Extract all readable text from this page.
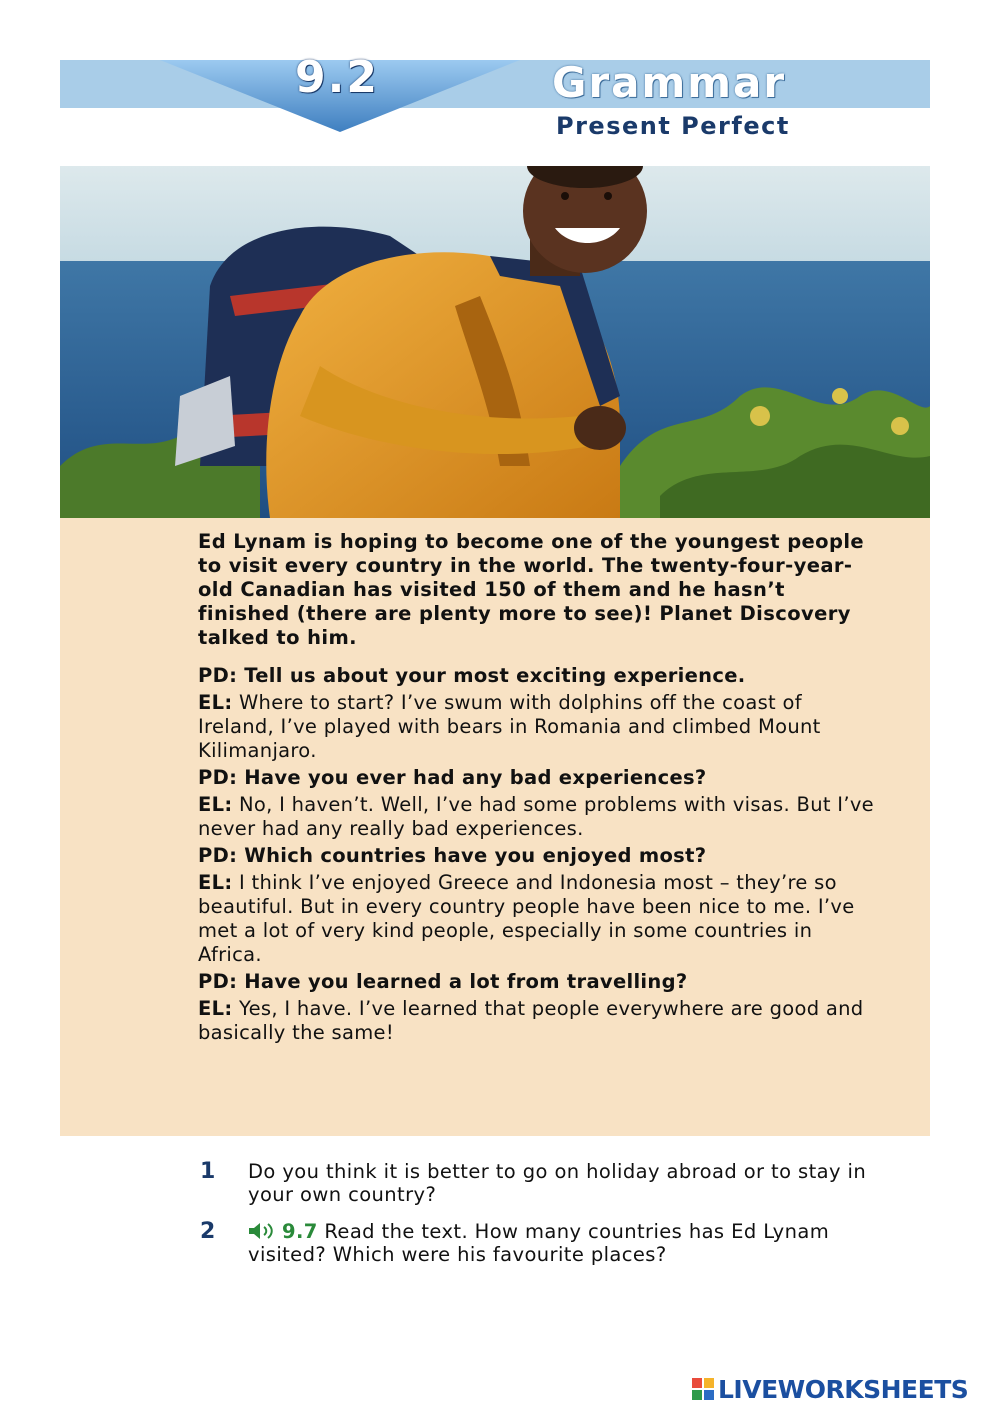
9.2	Grammar
Present Perfect

Ed Lynam is hoping to become one of the youngest people to visit every country in the world. The twenty-four-year-old Canadian has visited 150 of them and he hasn’t finished (there are plenty more to see)! Planet Discovery talked to him.

PD: Tell us about your most exciting experience.

EL: Where to start? I’ve swum with dolphins off the coast of Ireland, I’ve played with bears in Romania and climbed Mount Kilimanjaro.

PD: Have you ever had any bad experiences?

EL: No, I haven’t. Well, I’ve had some problems with visas. But I’ve never had any really bad experiences.

PD: Which countries have you enjoyed most?

EL: I think I’ve enjoyed Greece and Indonesia most – they’re so beautiful. But in every country people have been nice to me. I’ve met a lot of very kind people, especially in some countries in Africa.

PD: Have you learned a lot from travelling?

EL: Yes, I have. I’ve learned that people everywhere are good and basically the same!

1 Do you think it is better to go on holiday abroad or to stay in your own country?
2	9.7 Read the text. How many countries has Ed Lynam visited? Which were his favourite places?
LIVEWORKSHEETS
